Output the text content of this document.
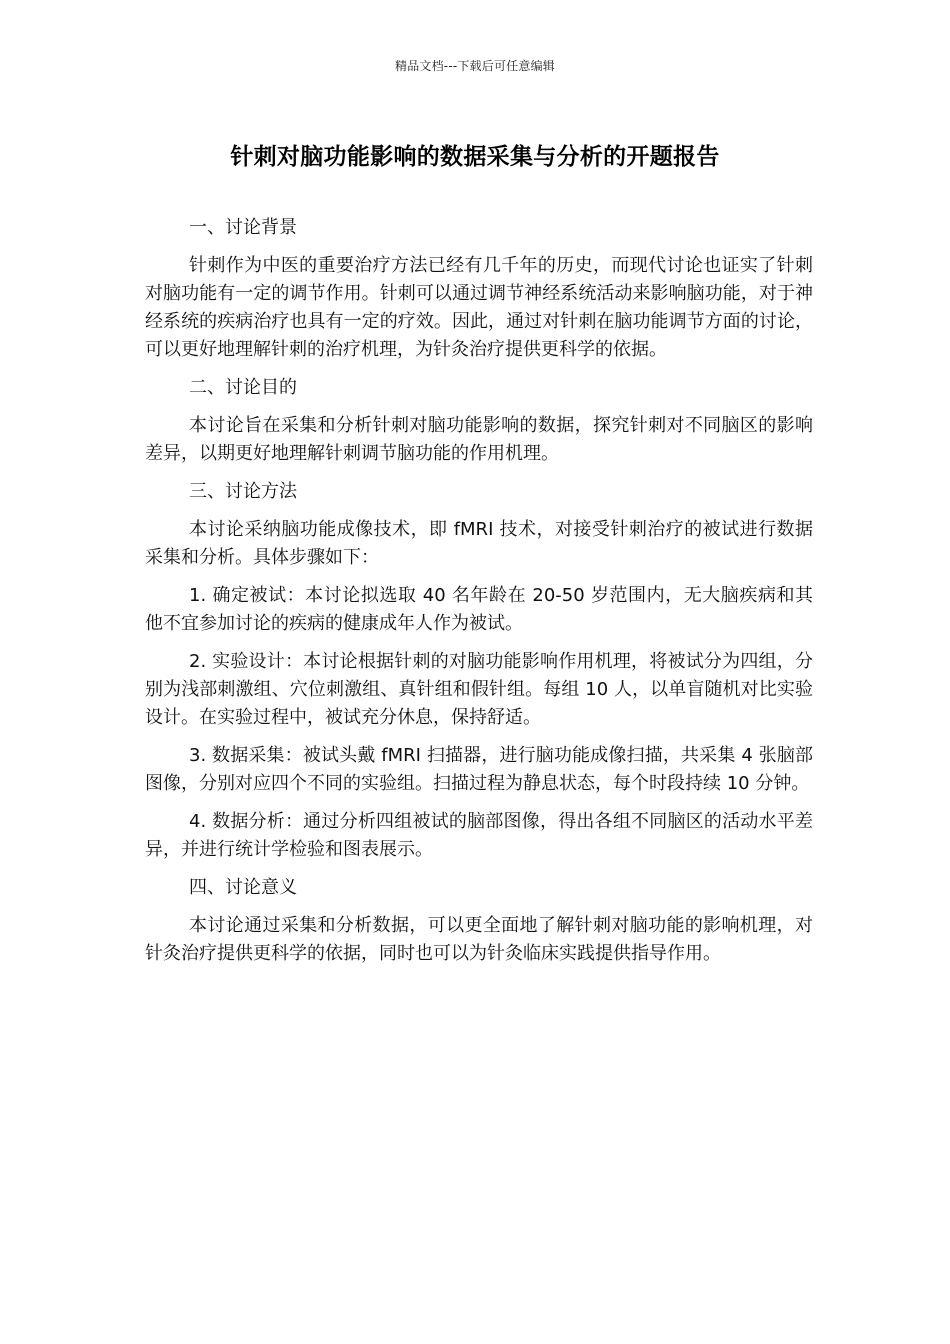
精品文档---下载后可任意编辑
针刺对脑功能影响的数据采集与分析的开题报告

一、讨论背景

针刺作为中医的重要治疗方法已经有几千年的历史，而现代讨论也证实了针刺对脑功能有一定的调节作用。针刺可以通过调节神经系统活动来影响脑功能，对于神经系统的疾病治疗也具有一定的疗效。因此，通过对针刺在脑功能调节方面的讨论，可以更好地理解针刺的治疗机理，为针灸治疗提供更科学的依据。

二、讨论目的

本讨论旨在采集和分析针刺对脑功能影响的数据，探究针刺对不同脑区的影响差异，以期更好地理解针刺调节脑功能的作用机理。

三、讨论方法

本讨论采纳脑功能成像技术，即 fMRI 技术，对接受针刺治疗的被试进行数据采集和分析。具体步骤如下：

1. 确定被试：本讨论拟选取 40 名年龄在 20-50 岁范围内，无大脑疾病和其他不宜参加讨论的疾病的健康成年人作为被试。

2. 实验设计：本讨论根据针刺的对脑功能影响作用机理，将被试分为四组，分别为浅部刺激组、穴位刺激组、真针组和假针组。每组 10 人，以单盲随机对比实验设计。在实验过程中，被试充分休息，保持舒适。

3. 数据采集：被试头戴 fMRI 扫描器，进行脑功能成像扫描，共采集 4 张脑部图像，分别对应四个不同的实验组。扫描过程为静息状态，每个时段持续 10 分钟。

4. 数据分析：通过分析四组被试的脑部图像，得出各组不同脑区的活动水平差异，并进行统计学检验和图表展示。

四、讨论意义

本讨论通过采集和分析数据，可以更全面地了解针刺对脑功能的影响机理，对针灸治疗提供更科学的依据，同时也可以为针灸临床实践提供指导作用。
